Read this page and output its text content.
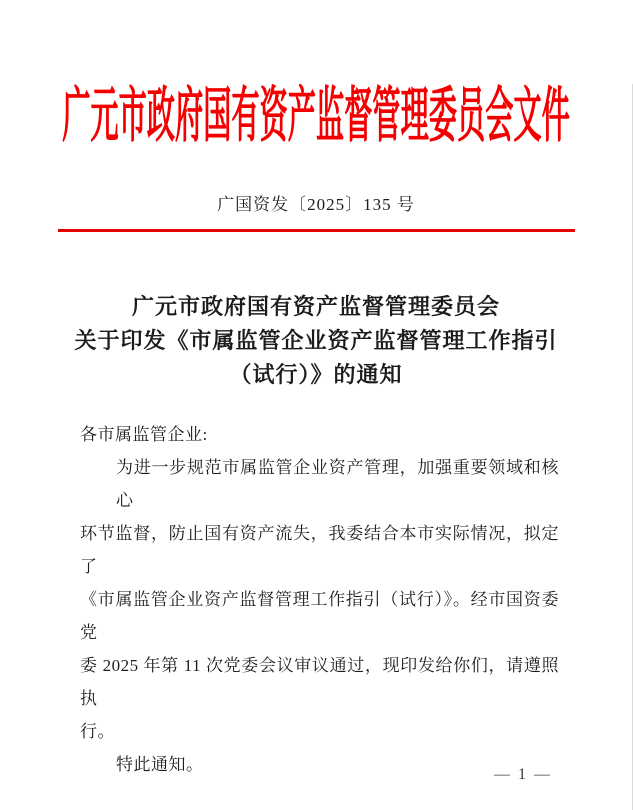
广元市政府国有资产监督管理委员会文件
广国资发〔2025〕135 号
广元市政府国有资产监督管理委员会
关于印发《市属监管企业资产监督管理工作指引
（试行）》的通知
各市属监管企业:
为进一步规范市属监管企业资产管理，加强重要领域和核心
环节监督，防止国有资产流失，我委结合本市实际情况，拟定了
《市属监管企业资产监督管理工作指引（试行）》。经市国资委党
委 2025 年第 11 次党委会议审议通过，现印发给你们，请遵照执
行。
特此通知。
— 1 —
